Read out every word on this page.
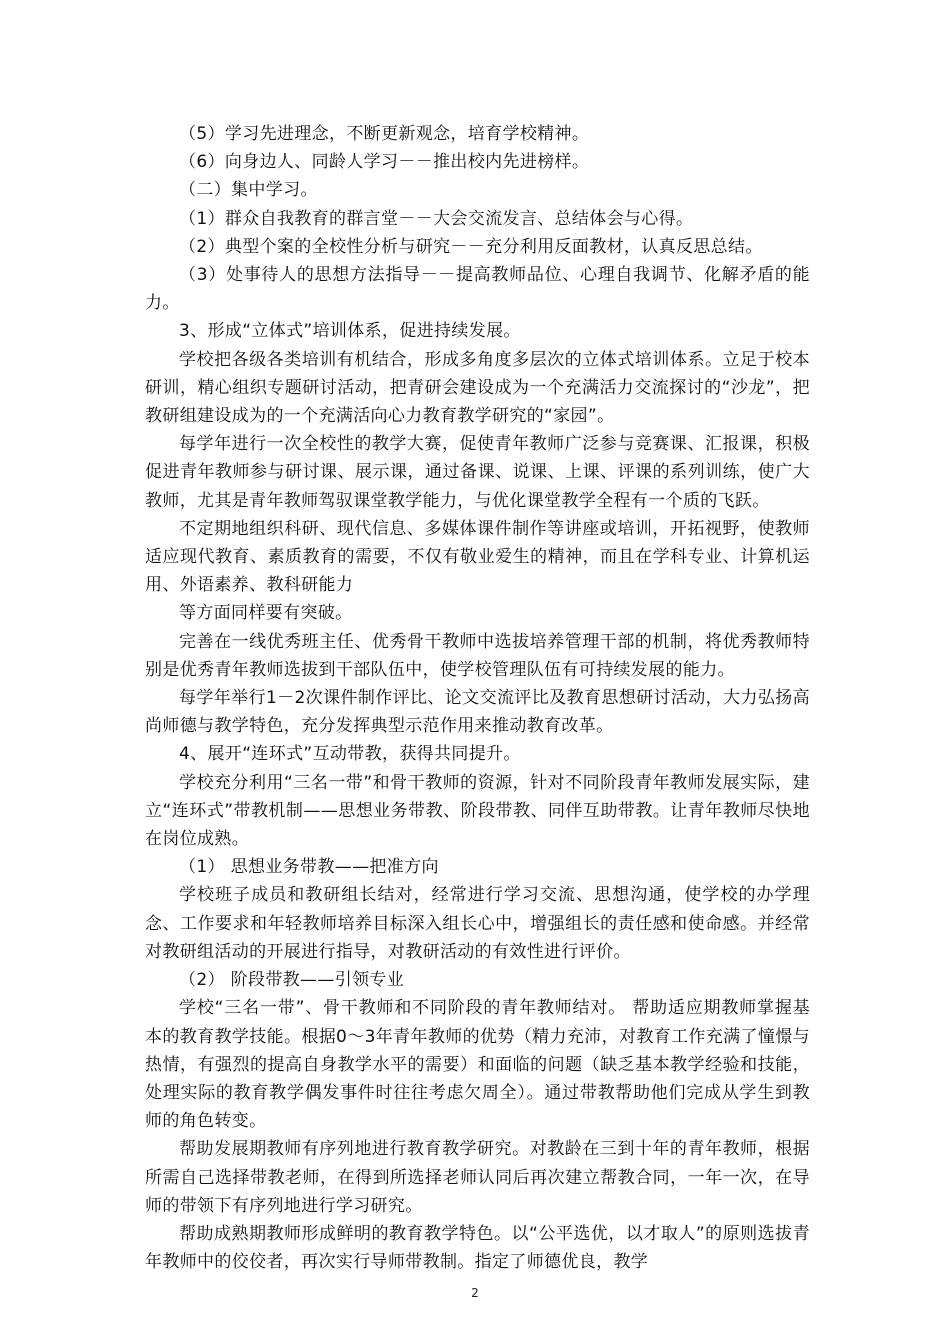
（5）学习先进理念，不断更新观念，培育学校精神。

（6）向身边人、同龄人学习－－推出校内先进榜样。

（二）集中学习。

（1）群众自我教育的群言堂－－大会交流发言、总结体会与心得。

（2）典型个案的全校性分析与研究－－充分利用反面教材，认真反思总结。

（3）处事待人的思想方法指导－－提高教师品位、心理自我调节、化解矛盾的能力。

3、形成“立体式”培训体系，促进持续发展。

学校把各级各类培训有机结合，形成多角度多层次的立体式培训体系。立足于校本研训，精心组织专题研讨活动，把青研会建设成为一个充满活力交流探讨的“沙龙”，把教研组建设成为的一个充满活向心力教育教学研究的“家园”。

每学年进行一次全校性的教学大赛，促使青年教师广泛参与竞赛课、汇报课，积极促进青年教师参与研讨课、展示课，通过备课、说课、上课、评课的系列训练，使广大教师，尤其是青年教师驾驭课堂教学能力，与优化课堂教学全程有一个质的飞跃。

不定期地组织科研、现代信息、多媒体课件制作等讲座或培训，开拓视野，使教师适应现代教育、素质教育的需要，不仅有敬业爱生的精神，而且在学科专业、计算机运用、外语素养、教科研能力

等方面同样要有突破。

完善在一线优秀班主任、优秀骨干教师中选拔培养管理干部的机制，将优秀教师特别是优秀青年教师选拔到干部队伍中，使学校管理队伍有可持续发展的能力。

每学年举行1－2次课件制作评比、论文交流评比及教育思想研讨活动，大力弘扬高尚师德与教学特色，充分发挥典型示范作用来推动教育改革。

4、展开“连环式”互动带教，获得共同提升。

学校充分利用“三名一带”和骨干教师的资源，针对不同阶段青年教师发展实际，建立“连环式”带教机制——思想业务带教、阶段带教、同伴互助带教。让青年教师尽快地在岗位成熟。

（1） 思想业务带教——把准方向

学校班子成员和教研组长结对，经常进行学习交流、思想沟通，使学校的办学理念、工作要求和年轻教师培养目标深入组长心中，增强组长的责任感和使命感。并经常对教研组活动的开展进行指导，对教研活动的有效性进行评价。

（2） 阶段带教——引领专业

学校“三名一带”、骨干教师和不同阶段的青年教师结对。 帮助适应期教师掌握基本的教育教学技能。根据0～3年青年教师的优势（精力充沛，对教育工作充满了憧憬与热情，有强烈的提高自身教学水平的需要）和面临的问题（缺乏基本教学经验和技能，处理实际的教育教学偶发事件时往往考虑欠周全）。通过带教帮助他们完成从学生到教师的角色转变。

帮助发展期教师有序列地进行教育教学研究。对教龄在三到十年的青年教师，根据所需自己选择带教老师，在得到所选择老师认同后再次建立帮教合同，一年一次，在导师的带领下有序列地进行学习研究。

帮助成熟期教师形成鲜明的教育教学特色。以“公平选优，以才取人”的原则选拔青年教师中的佼佼者，再次实行导师带教制。指定了师德优良，教学

2
